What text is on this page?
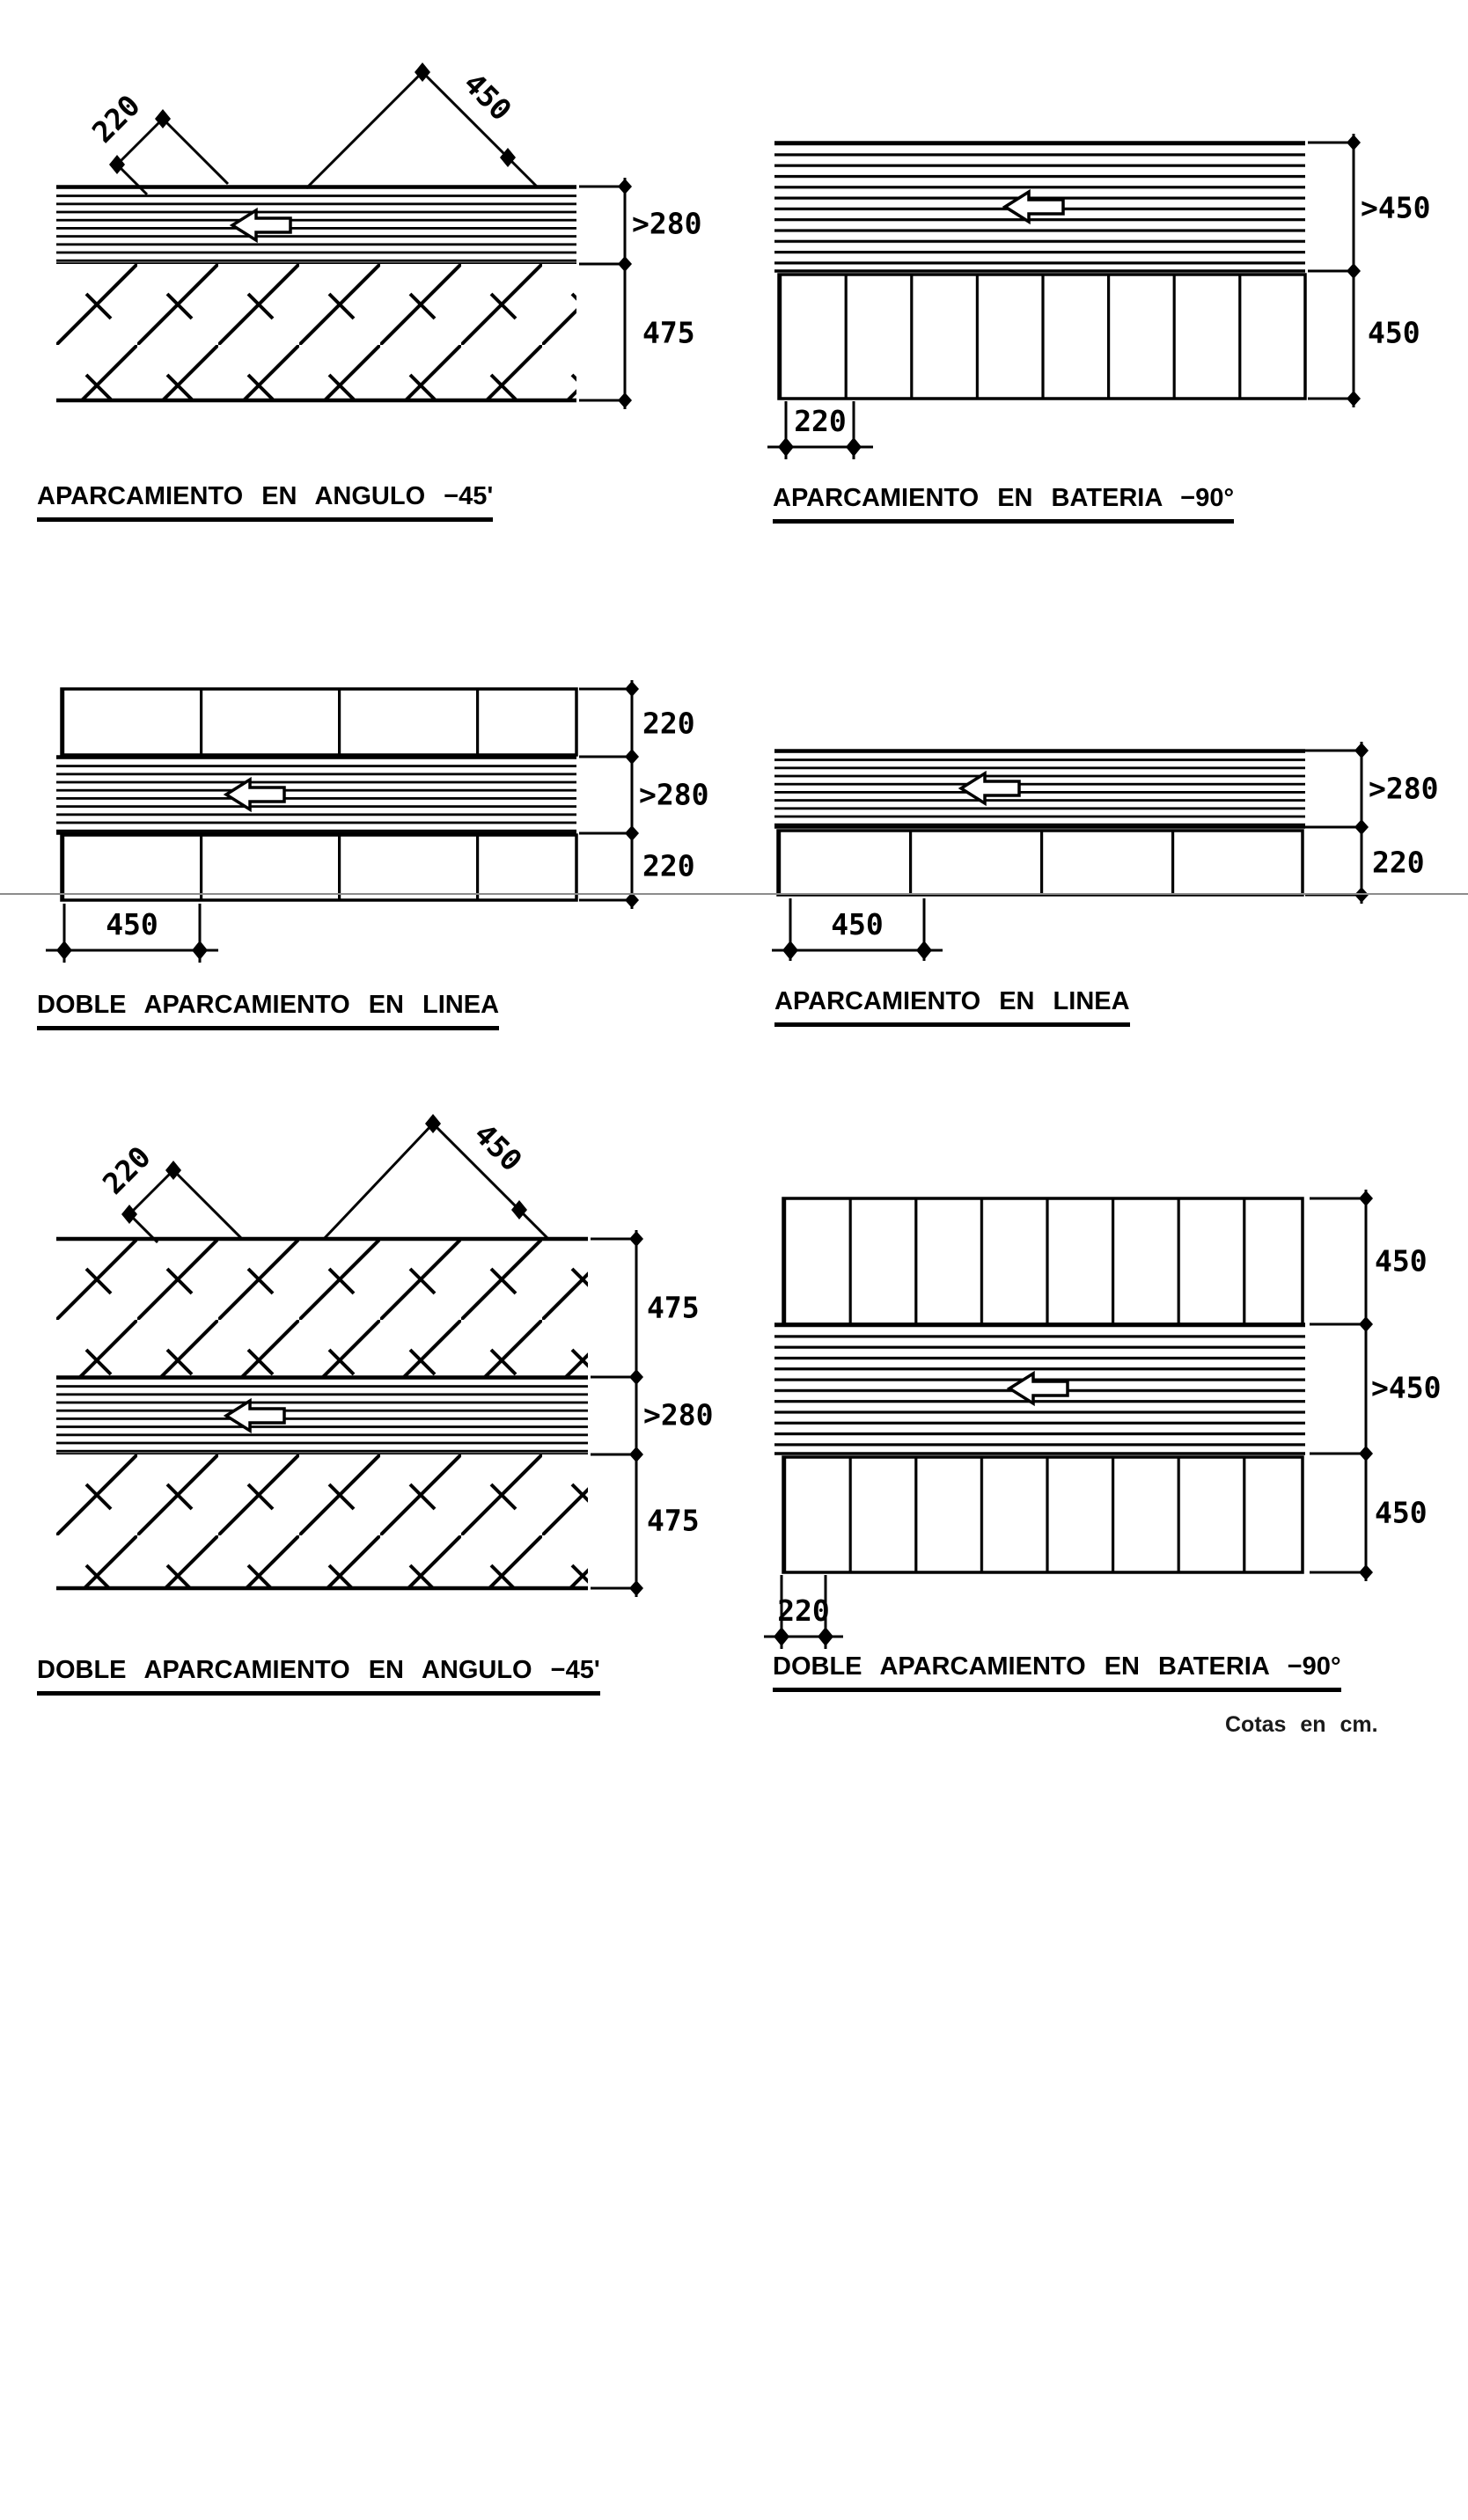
>280
475
220	450
APARCAMIENTO EN ANGULO −45'
>450
450
220
APARCAMIENTO EN BATERIA −90°
220
>280
220
450
DOBLE APARCAMIENTO EN LINEA
>280
220
450
APARCAMIENTO EN LINEA
475
>280
475
220	450
DOBLE APARCAMIENTO EN ANGULO −45'
450
>450
450
220
DOBLE APARCAMIENTO EN BATERIA −90°
Cotas en cm.
